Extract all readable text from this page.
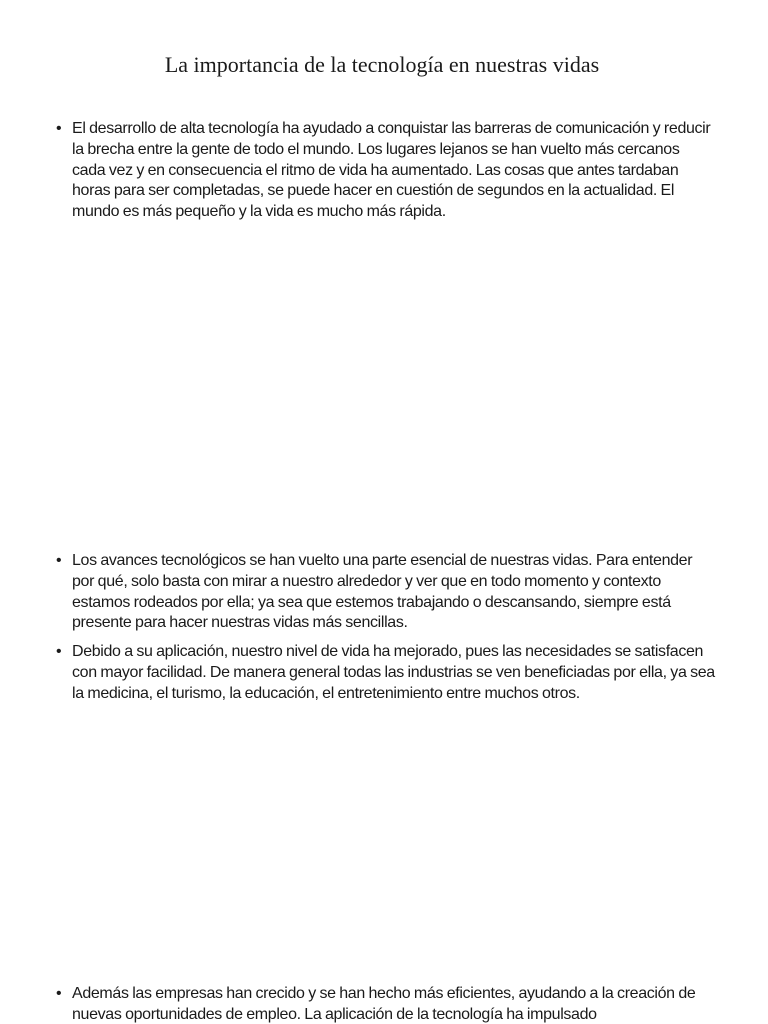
La importancia de la tecnología en nuestras vidas
• El desarrollo de alta tecnología ha ayudado a conquistar las barreras de comunicación y reducir la brecha entre la gente de todo el mundo. Los lugares lejanos se han vuelto más cercanos cada vez y en consecuencia el ritmo de vida ha aumentado. Las cosas que antes tardaban horas para ser completadas, se puede hacer en cuestión de segundos en la actualidad. El mundo es más pequeño y la vida es mucho más rápida.

• Los avances tecnológicos se han vuelto una parte esencial de nuestras vidas. Para entender por qué, solo basta con mirar a nuestro alrededor y ver que en todo momento y contexto estamos rodeados por ella; ya sea que estemos trabajando o descansando, siempre está presente para hacer nuestras vidas más sencillas.

• Debido a su aplicación, nuestro nivel de vida ha mejorado, pues las necesidades se satisfacen con mayor facilidad. De manera general todas las industrias se ven beneficiadas por ella, ya sea la medicina, el turismo, la educación, el entretenimiento entre muchos otros.

• Además las empresas han crecido y se han hecho más eficientes, ayudando a la creación de nuevas oportunidades de empleo. La aplicación de la tecnología ha impulsado
